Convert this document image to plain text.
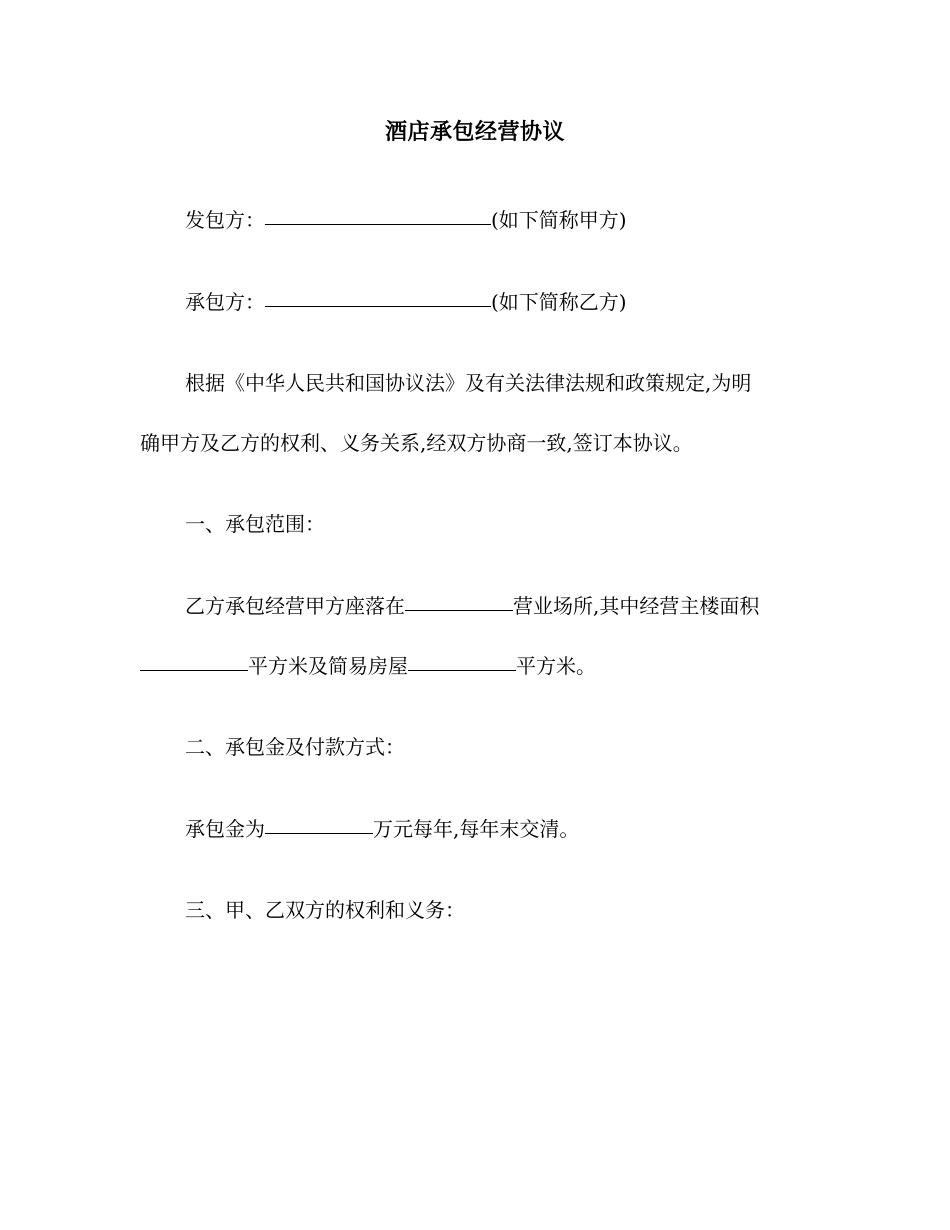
酒店承包经营协议
发包方：	(如下简称甲方)
承包方：	(如下简称乙方)
根据《中华人民共和国协议法》及有关法律法规和政策规定,为明
确甲方及乙方的权利、义务关系,经双方协商一致,签订本协议。
一、承包范围：
乙方承包经营甲方座落在	营业场所,其中经营主楼面积
平方米及简易房屋	平方米。
二、承包金及付款方式：
承包金为	万元每年,每年末交清。
三、甲、乙双方的权利和义务：
